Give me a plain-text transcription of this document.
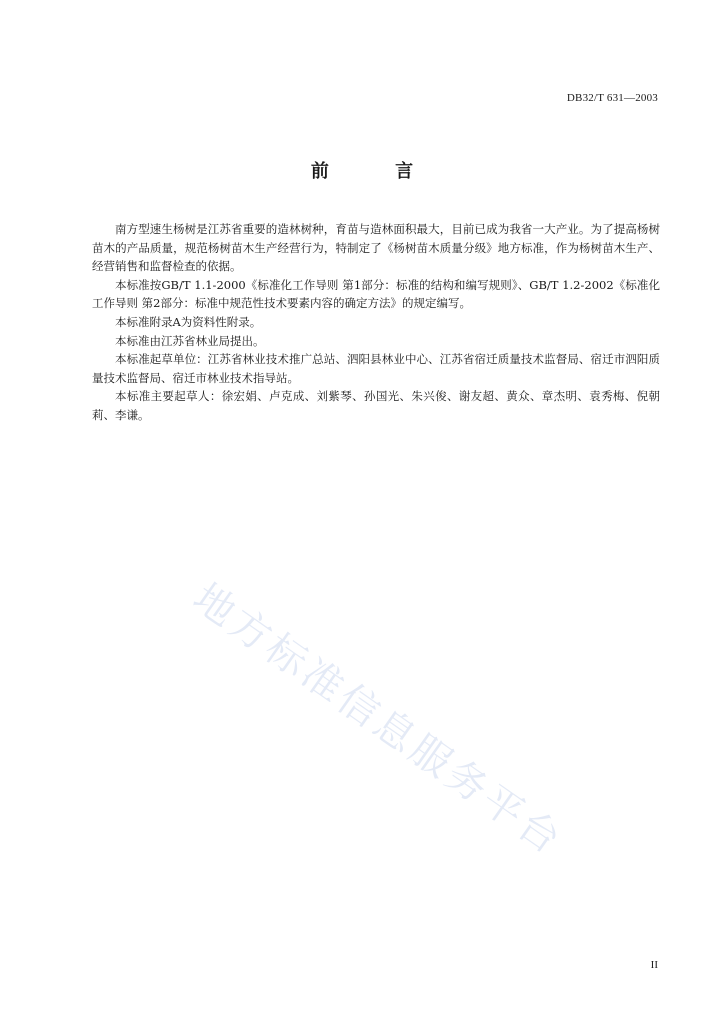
DB32/T 631—2003
前 言

南方型速生杨树是江苏省重要的造林树种，育苗与造林面积最大，目前已成为我省一大产业。为了提高杨树苗木的产品质量，规范杨树苗木生产经营行为，特制定了《杨树苗木质量分级》地方标准，作为杨树苗木生产、经营销售和监督检查的依据。

本标准按GB/T 1.1-2000《标准化工作导则 第1部分：标准的结构和编写规则》、GB/T 1.2-2002《标准化工作导则 第2部分：标准中规范性技术要素内容的确定方法》的规定编写。

本标准附录A为资料性附录。

本标准由江苏省林业局提出。

本标准起草单位：江苏省林业技术推广总站、泗阳县林业中心、江苏省宿迁质量技术监督局、宿迁市泗阳质量技术监督局、宿迁市林业技术指导站。

本标准主要起草人：徐宏娟、卢克成、刘紫琴、孙国光、朱兴俊、谢友超、黄众、章杰明、袁秀梅、倪朝莉、李谦。

地方标准信息服务平台
II
